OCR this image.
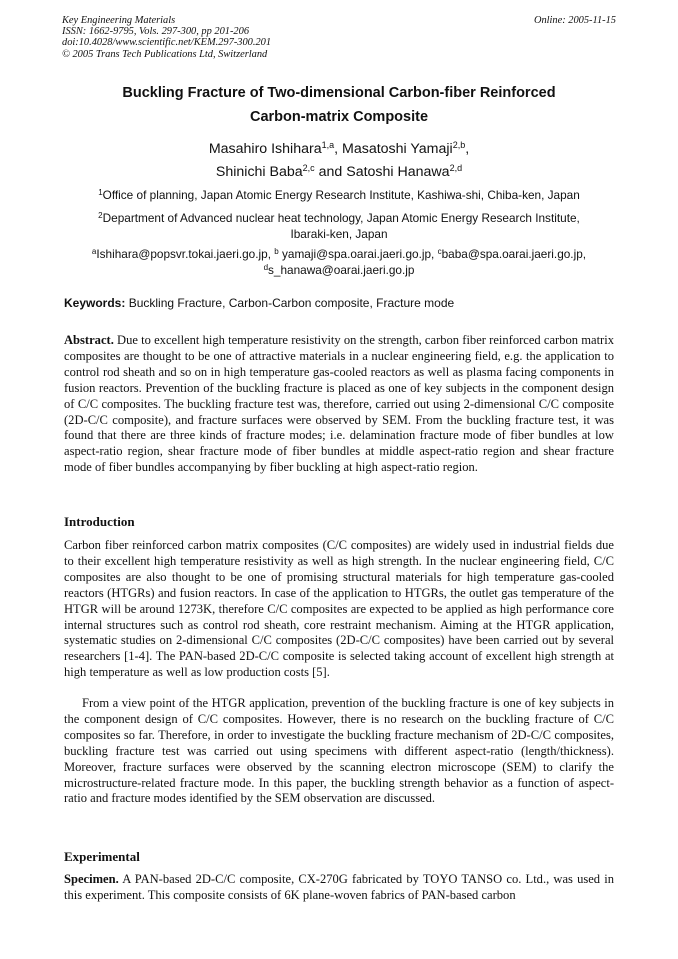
Key Engineering Materials
ISSN: 1662-9795, Vols. 297-300, pp 201-206
doi:10.4028/www.scientific.net/KEM.297-300.201
© 2005 Trans Tech Publications Ltd, Switzerland
Online: 2005-11-15
Buckling Fracture of Two-dimensional Carbon-fiber Reinforced
Carbon-matrix Composite
Masahiro Ishihara$^{1,a}$, Masatoshi Yamaji$^{2,b}$,
Shinichi Baba$^{2,c}$ and Satoshi Hanawa$^{2,d}$
$^1$Office of planning, Japan Atomic Energy Research Institute, Kashiwa-shi, Chiba-ken, Japan
$^2$Department of Advanced nuclear heat technology, Japan Atomic Energy Research Institute,
Ibaraki-ken, Japan
$^a$Ishihara@popsvr.tokai.jaeri.go.jp, $^b$ yamaji@spa.oarai.jaeri.go.jp, $^c$baba@spa.oarai.jaeri.go.jp,
$^d$s_hanawa@oarai.jaeri.go.jp
Keywords: Buckling Fracture, Carbon-Carbon composite, Fracture mode

Abstract. Due to excellent high temperature resistivity on the strength, carbon fiber reinforced carbon matrix composites are thought to be one of attractive materials in a nuclear engineering field, e.g. the application to control rod sheath and so on in high temperature gas-cooled reactors as well as plasma facing components in fusion reactors. Prevention of the buckling fracture is placed as one of key subjects in the component design of C/C composites. The buckling fracture test was, therefore, carried out using 2-dimensional C/C composite (2D-C/C composite), and fracture surfaces were observed by SEM. From the buckling fracture test, it was found that there are three kinds of fracture modes; i.e. delamination fracture mode of fiber bundles at low aspect-ratio region, shear fracture mode of fiber bundles at middle aspect-ratio region and shear fracture mode of fiber bundles accompanying by fiber buckling at high aspect-ratio region.

Introduction
Carbon fiber reinforced carbon matrix composites (C/C composites) are widely used in industrial fields due to their excellent high temperature resistivity as well as high strength. In the nuclear engineering field, C/C composites are also thought to be one of promising structural materials for high temperature gas-cooled reactors (HTGRs) and fusion reactors. In case of the application to HTGRs, the outlet gas temperature of the HTGR will be around 1273K, therefore C/C composites are expected to be applied as high performance core internal structures such as control rod sheath, core restraint mechanism. Aiming at the HTGR application, systematic studies on 2-dimensional C/C composites (2D-C/C composites) have been carried out by several researchers [1-4]. The PAN-based 2D-C/C composite is selected taking account of excellent high strength at high temperature as well as low production costs [5].
From a view point of the HTGR application, prevention of the buckling fracture is one of key subjects in the component design of C/C composites. However, there is no research on the buckling fracture of C/C composites so far. Therefore, in order to investigate the buckling fracture mechanism of 2D-C/C composites, buckling fracture test was carried out using specimens with different aspect-ratio (length/thickness). Moreover, fracture surfaces were observed by the scanning electron microscope (SEM) to clarify the microstructure-related fracture mode. In this paper, the buckling strength behavior as a function of aspect-ratio and fracture modes identified by the SEM observation are discussed.
Experimental

Specimen. A PAN-based 2D-C/C composite, CX-270G fabricated by TOYO TANSO co. Ltd., was used in this experiment. This composite consists of 6K plane-woven fabrics of PAN-based carbon
